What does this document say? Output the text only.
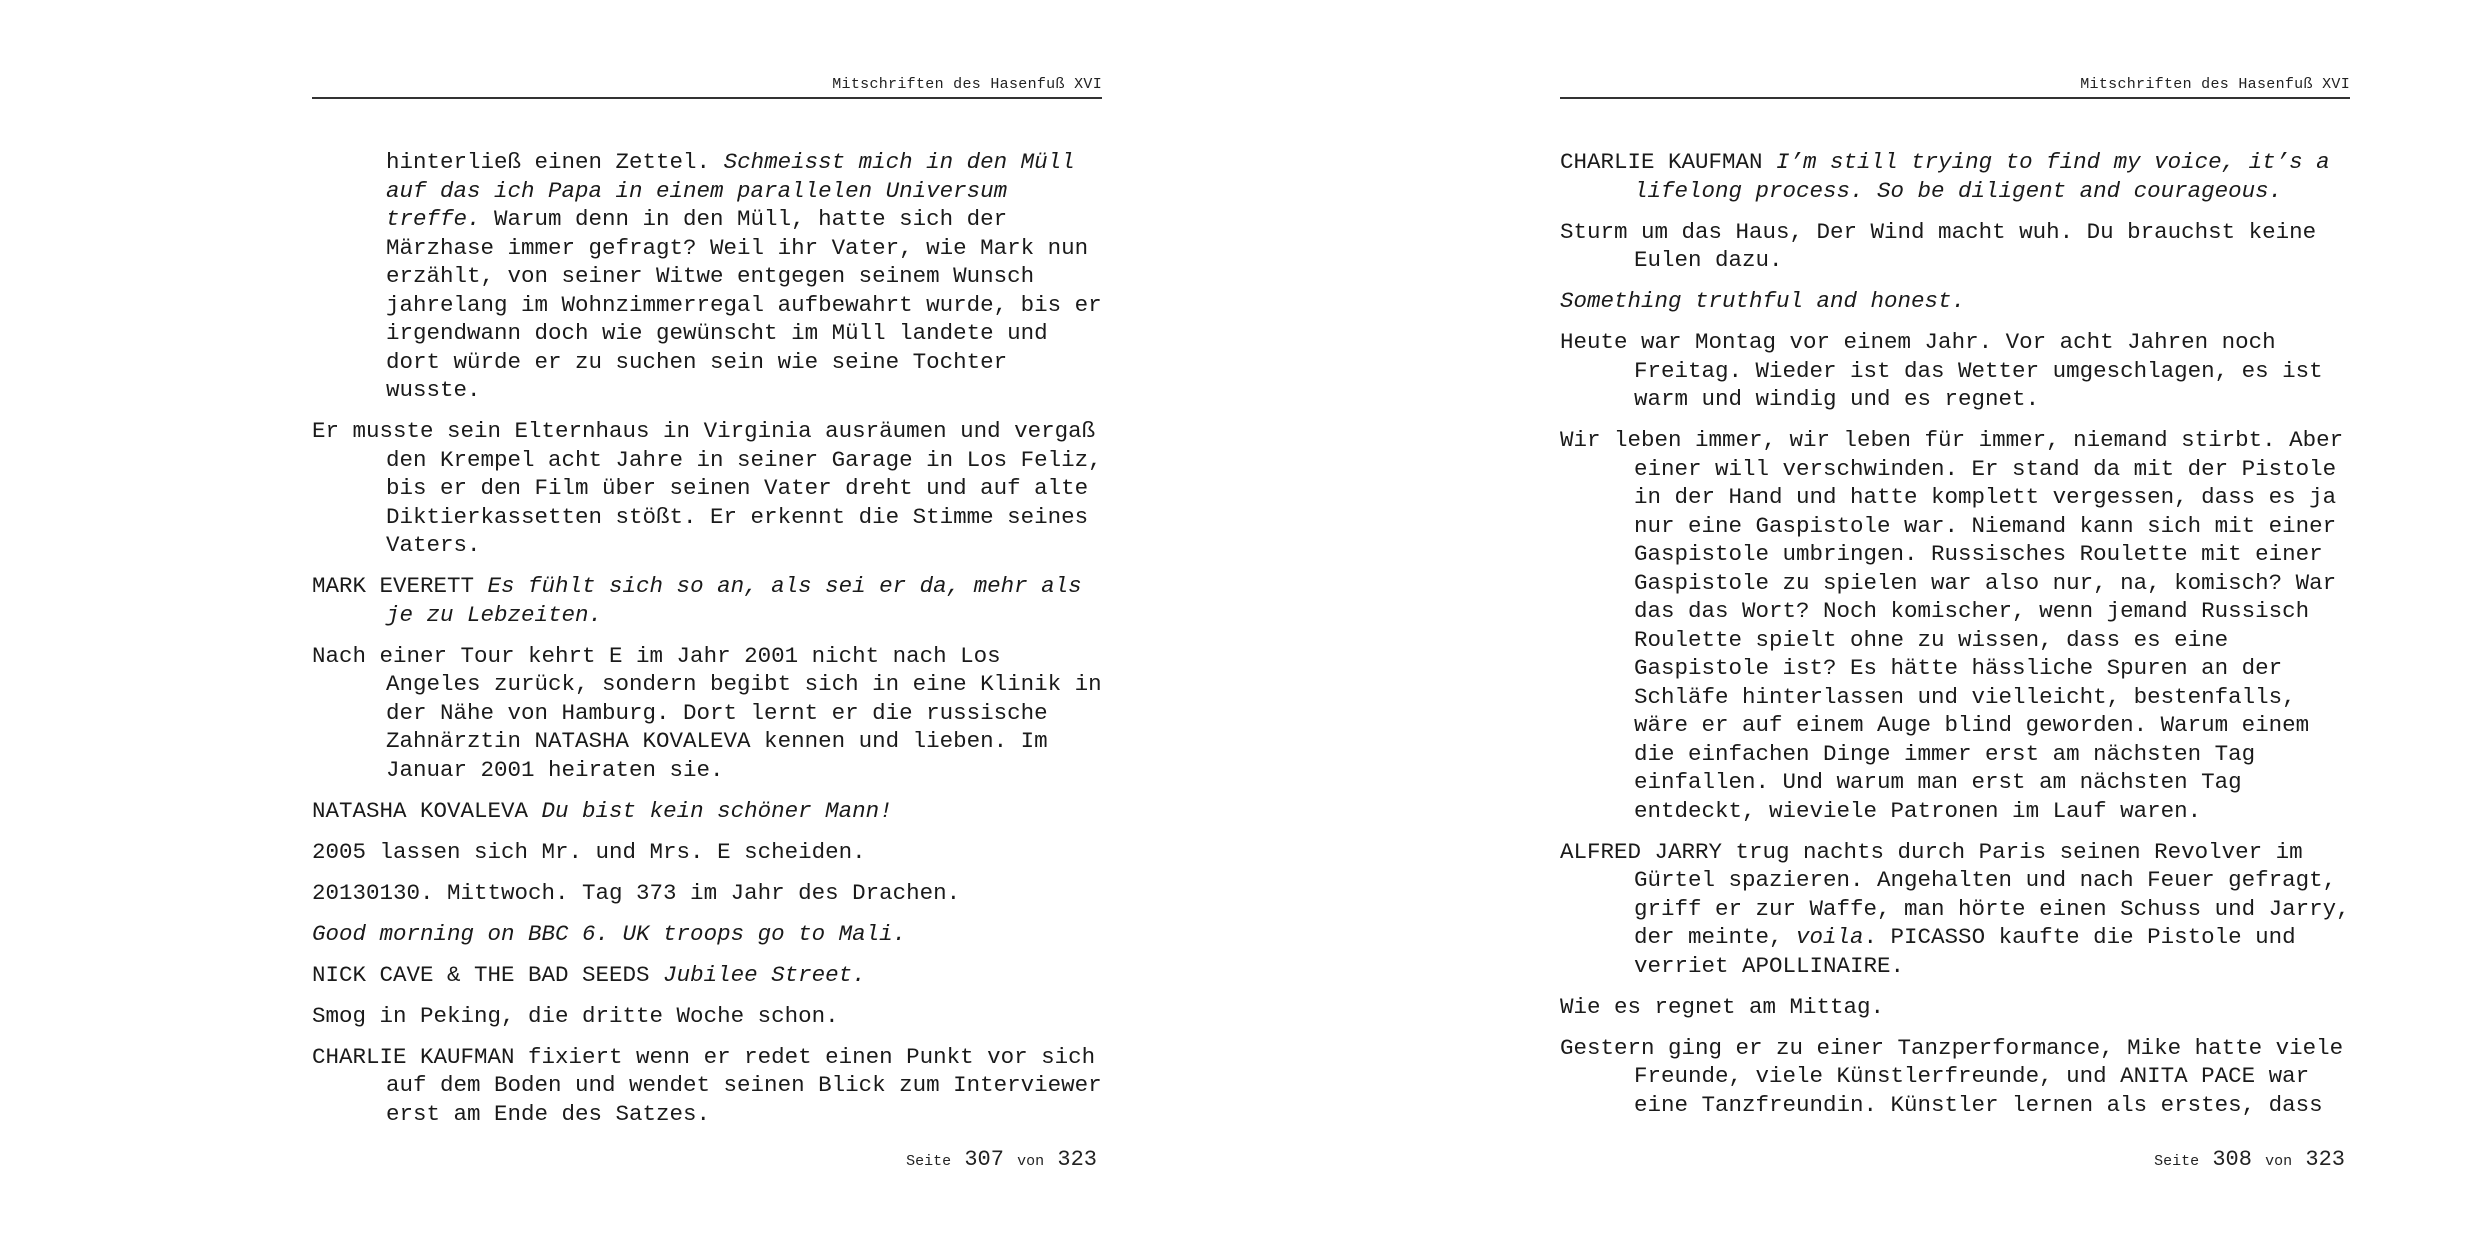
Mitschriften des Hasenfuß XVI

hinterließ einen Zettel. Schmeisst mich in den Müll auf das ich Papa in einem parallelen Universum treffe. Warum denn in den Müll, hatte sich der Märzhase immer gefragt? Weil ihr Vater, wie Mark nun erzählt, von seiner Witwe entgegen seinem Wunsch jahrelang im Wohnzimmerregal aufbewahrt wurde, bis er irgendwann doch wie gewünscht im Müll landete und dort würde er zu suchen sein wie seine Tochter wusste.

Er musste sein Elternhaus in Virginia ausräumen und vergaß den Krempel acht Jahre in seiner Garage in Los Feliz, bis er den Film über seinen Vater dreht und auf alte Diktierkassetten stößt. Er erkennt die Stimme seines Vaters.

MARK EVERETT Es fühlt sich so an, als sei er da, mehr als je zu Lebzeiten.

Nach einer Tour kehrt E im Jahr 2001 nicht nach Los Angeles zurück, sondern begibt sich in eine Klinik in der Nähe von Hamburg. Dort lernt er die russische Zahnärztin NATASHA KOVALEVA kennen und lieben. Im Januar 2001 heiraten sie.

NATASHA KOVALEVA Du bist kein schöner Mann!

2005 lassen sich Mr. und Mrs. E scheiden.

20130130. Mittwoch. Tag 373 im Jahr des Drachen.

Good morning on BBC 6. UK troops go to Mali.

NICK CAVE & THE BAD SEEDS Jubilee Street.

Smog in Peking, die dritte Woche schon.

CHARLIE KAUFMAN fixiert wenn er redet einen Punkt vor sich auf dem Boden und wendet seinen Blick zum Interviewer erst am Ende des Satzes.

Seite 307 von 323
Mitschriften des Hasenfuß XVI

CHARLIE KAUFMAN I’m still trying to find my voice, it’s a lifelong process. So be diligent and courageous.

Sturm um das Haus, Der Wind macht wuh. Du brauchst keine Eulen dazu.

Something truthful and honest.

Heute war Montag vor einem Jahr. Vor acht Jahren noch Freitag. Wieder ist das Wetter umgeschlagen, es ist warm und windig und es regnet.

Wir leben immer, wir leben für immer, niemand stirbt. Aber einer will verschwinden. Er stand da mit der Pistole in der Hand und hatte komplett vergessen, dass es ja nur eine Gaspistole war. Niemand kann sich mit einer Gaspistole umbringen. Russisches Roulette mit einer Gaspistole zu spielen war also nur, na, komisch? War das das Wort? Noch komischer, wenn jemand Russisch Roulette spielt ohne zu wissen, dass es eine Gaspistole ist? Es hätte hässliche Spuren an der Schläfe hinterlassen und vielleicht, bestenfalls, wäre er auf einem Auge blind geworden. Warum einem die einfachen Dinge immer erst am nächsten Tag einfallen. Und warum man erst am nächsten Tag entdeckt, wieviele Patronen im Lauf waren.

ALFRED JARRY trug nachts durch Paris seinen Revolver im Gürtel spazieren. Angehalten und nach Feuer gefragt, griff er zur Waffe, man hörte einen Schuss und Jarry, der meinte, voila. PICASSO kaufte die Pistole und verriet APOLLINAIRE.

Wie es regnet am Mittag.

Gestern ging er zu einer Tanzperformance, Mike hatte viele Freunde, viele Künstlerfreunde, und ANITA PACE war eine Tanzfreundin. Künstler lernen als erstes, dass

Seite 308 von 323
